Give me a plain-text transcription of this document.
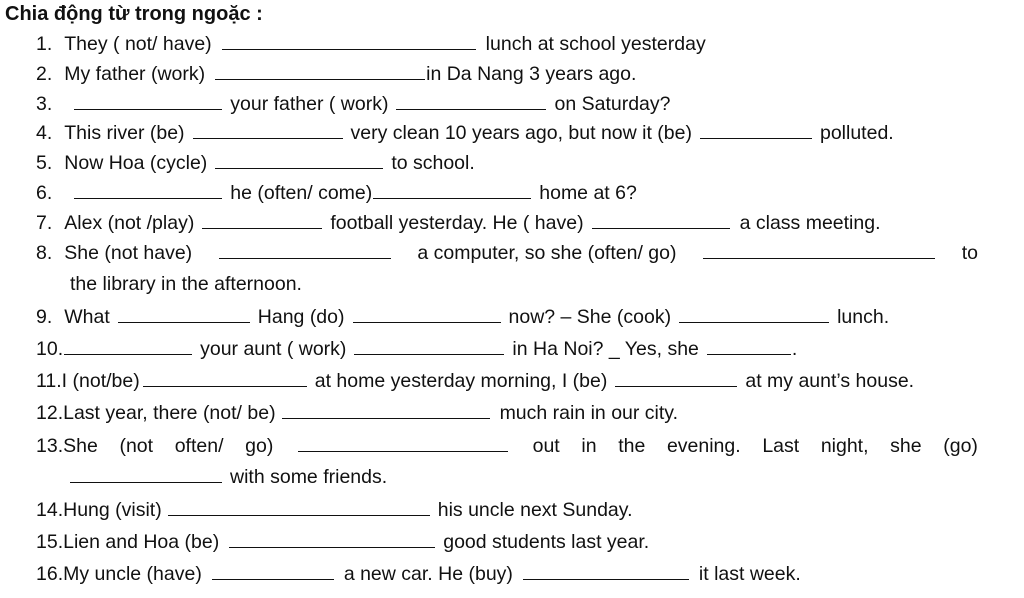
Chia động từ trong ngoặc :
1. They ( not/ have)	lunch at school yesterday
2. My father (work)	in Da Nang 3 years ago.
3.	your father ( work)	on Saturday?
4. This river (be)	very clean 10 years ago, but now it (be)	polluted.
5. Now Hoa (cycle)	to school.
6.	he (often/ come)	home at 6?
7. Alex (not /play)	football yesterday. He ( have)	a class meeting.
8. She (not have)	a computer, so she (often/ go)	to
the library in the afternoon.
9. What	Hang (do)	now? – She (cook)	lunch.
10.	your aunt ( work)	in Ha Noi? _ Yes, she	.
11.I (not/be)	at home yesterday morning, I (be)	at my aunt’s house.
12.Last year, there (not/ be)	much rain in our city.
13.She (not often/ go)	out in the evening. Last night, she (go)
with some friends.
14.Hung (visit)	his uncle next Sunday.
15.Lien and Hoa (be)	good students last year.
16.My uncle (have)	a new car. He (buy)	it last week.
